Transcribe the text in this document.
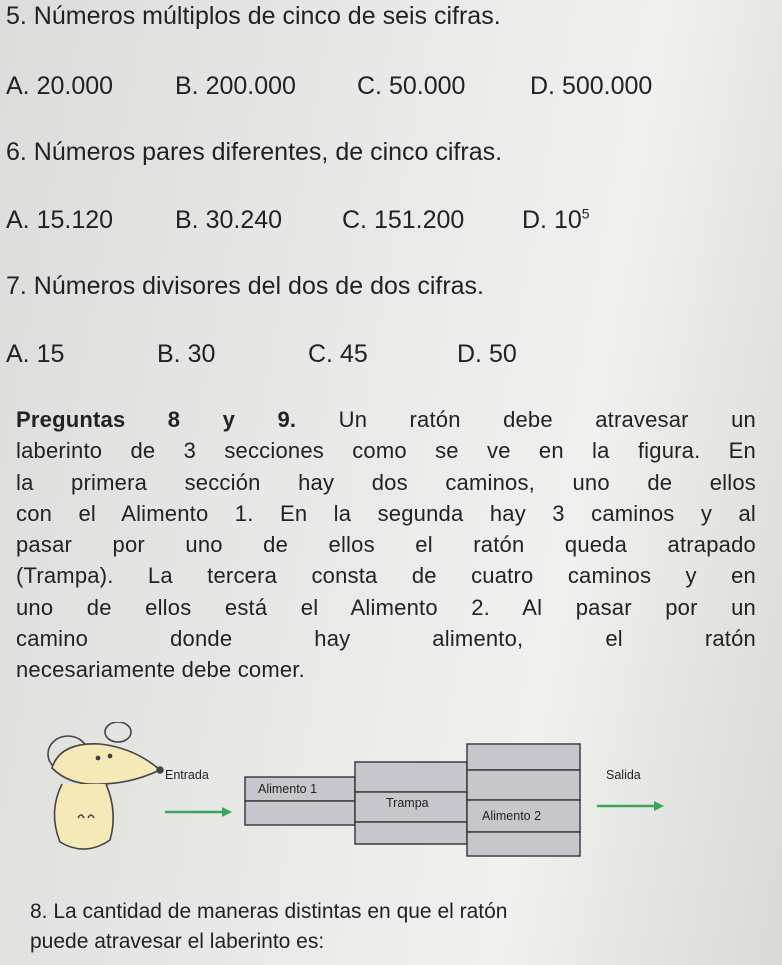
5. Números múltiplos de cinco de seis cifras.
A. 20.000 B. 200.000 C. 50.000	D. 500.000
6. Números pares diferentes, de cinco cifras.
A. 15.120 B. 30.240 C. 151.200 D. $10^5$
7. Números divisores del dos de dos cifras.
A. 15	B. 30	C. 45	D. 50
Preguntas 8 y 9. Un ratón debe atravesar un
laberinto de 3 secciones como se ve en la figura. En
la primera sección hay dos caminos, uno de ellos
con el Alimento 1. En la segunda hay 3 caminos y al
pasar por uno de ellos el ratón queda atrapado
(Trampa). La tercera consta de cuatro caminos y en
uno de ellos está el Alimento 2. Al pasar por un
camino donde hay alimento, el ratón
necesariamente debe comer.
Entrada
Alimento 1
Trampa
Alimento 2
Salida
8. La cantidad de maneras distintas en que el ratón
puede atravesar el laberinto es:
